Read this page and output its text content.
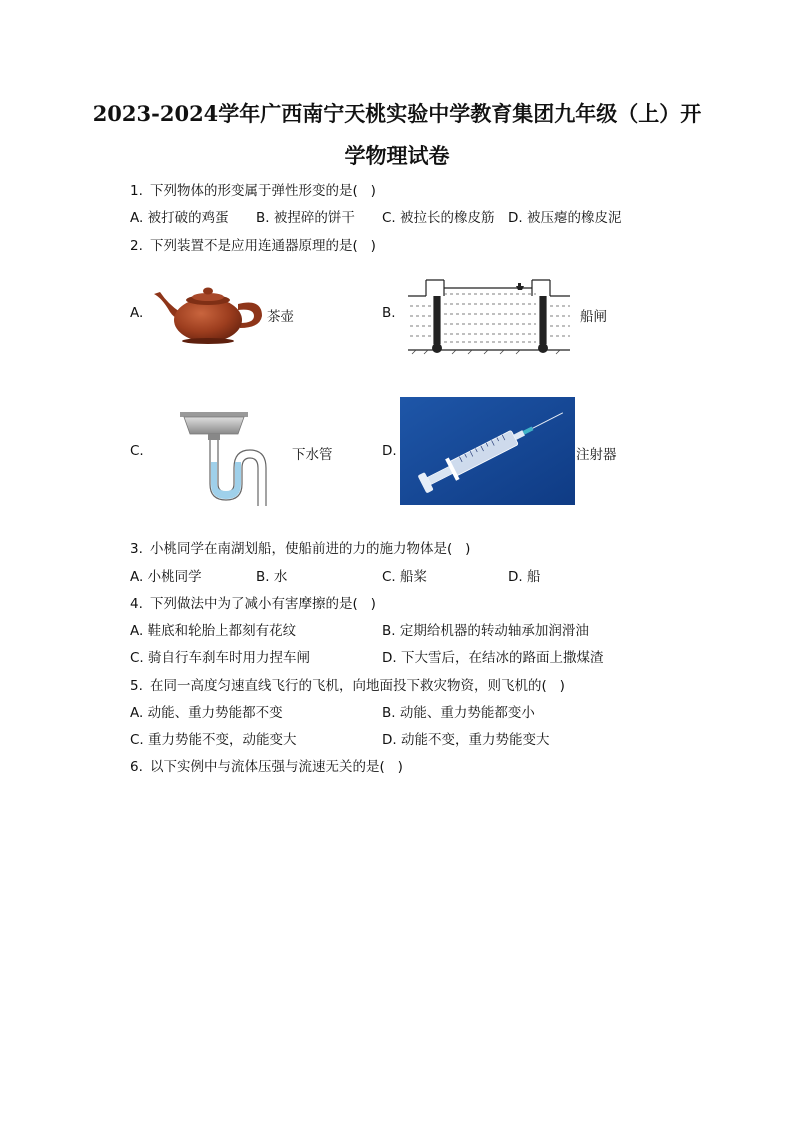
2023-2024学年广西南宁天桃实验中学教育集团九年级（上）开
学物理试卷
1. 下列物体的形变属于弹性形变的是(   )
A. 被打破的鸡蛋 B. 被捏碎的饼干 C. 被拉长的橡皮筋 D. 被压瘪的橡皮泥
2. 下列装置不是应用连通器原理的是(   )
A.	茶壶	B.	船闸
C.	下水管	D.	注射器
3. 小桃同学在南湖划船，使船前进的力的施力物体是(   )
A. 小桃同学	B. 水	C. 船桨	D. 船
4. 下列做法中为了减小有害摩擦的是(   )
A. 鞋底和轮胎上都刻有花纹	B. 定期给机器的转动轴承加润滑油
C. 骑自行车刹车时用力捏车闸	D. 下大雪后，在结冰的路面上撒煤渣
5. 在同一高度匀速直线飞行的飞机，向地面投下救灾物资，则飞机的(   )
A. 动能、重力势能都不变	B. 动能、重力势能都变小
C. 重力势能不变，动能变大	D. 动能不变，重力势能变大
6. 以下实例中与流体压强与流速无关的是(   )
